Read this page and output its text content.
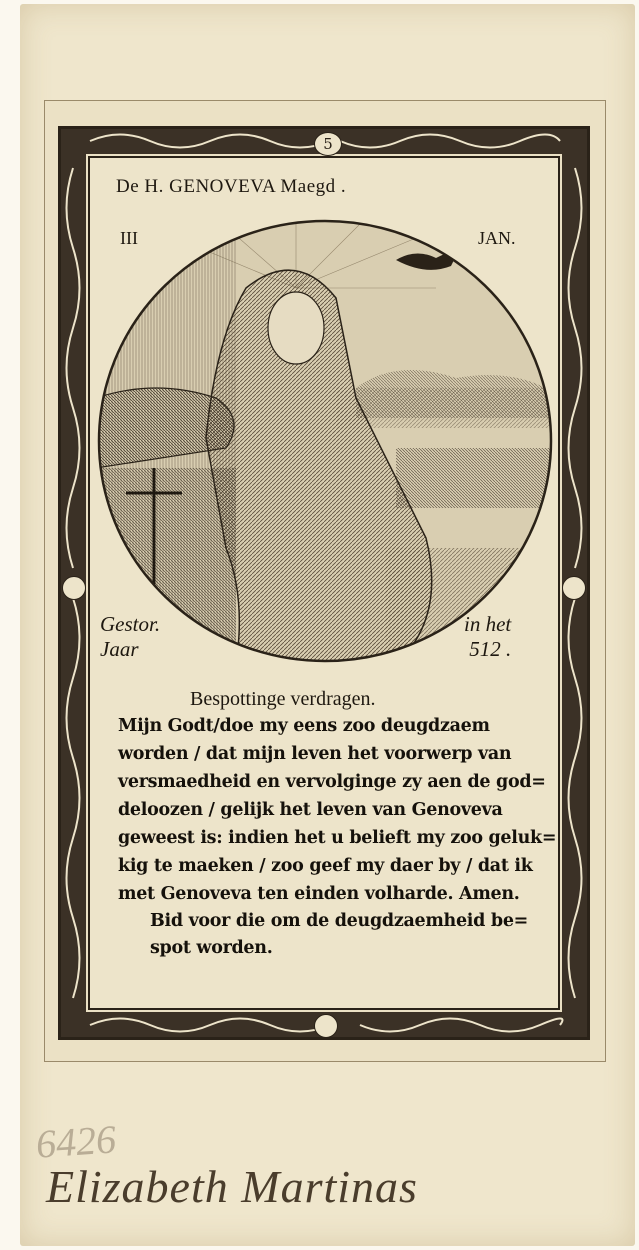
5
De H. GENOVEVA Maegd .
III	JAN.
Gestor.
Jaar
in het
512 .
Bespottinge verdragen.
Mijn Godt/doe my eens zoo deugdzaem
worden / dat mijn leven het voorwerp van
versmaedheid en vervolginge zy aen de god=
deloozen / gelijk het leven van Genoveva
geweest is: indien het u belieft my zoo geluk=
kig te maeken / zoo geef my daer by / dat ik
met Genoveva ten einden volharde. Amen.
Bid voor die om de deugdzaemheid be=
spot worden.
6426
Elizabeth Martinas
